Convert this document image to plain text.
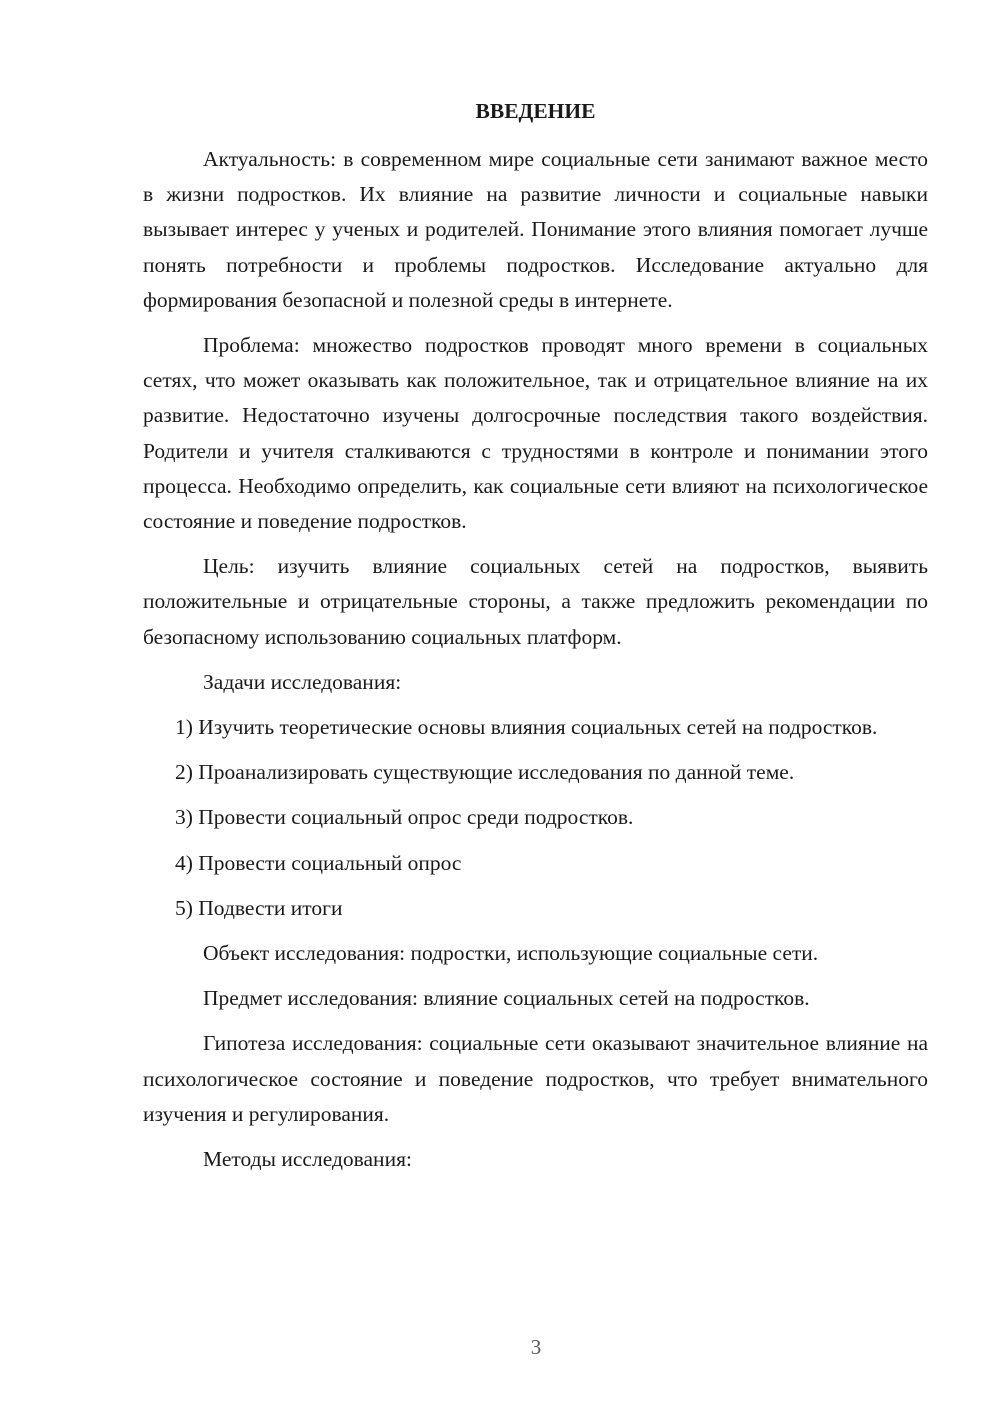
ВВЕДЕНИЕ

Актуальность: в современном мире социальные сети занимают важное место в жизни подростков. Их влияние на развитие личности и социальные навыки вызывает интерес у ученых и родителей. Понимание этого влияния помогает лучше понять потребности и проблемы подростков. Исследование актуально для формирования безопасной и полезной среды в интернете.

Проблема: множество подростков проводят много времени в социальных сетях, что может оказывать как положительное, так и отрицательное влияние на их развитие. Недостаточно изучены долгосрочные последствия такого воздействия. Родители и учителя сталкиваются с трудностями в контроле и понимании этого процесса. Необходимо определить, как социальные сети влияют на психологическое состояние и поведение подростков.

Цель: изучить влияние социальных сетей на подростков, выявить положительные и отрицательные стороны, а также предложить рекомендации по безопасному использованию социальных платформ.

Задачи исследования:

1) Изучить теоретические основы влияния социальных сетей на подростков.

2) Проанализировать существующие исследования по данной теме.

3) Провести социальный опрос среди подростков.

4) Провести социальный опрос

5) Подвести итоги

Объект исследования: подростки, использующие социальные сети.

Предмет исследования: влияние социальных сетей на подростков.

Гипотеза исследования: социальные сети оказывают значительное влияние на психологическое состояние и поведение подростков, что требует внимательного изучения и регулирования.

Методы исследования:

3
